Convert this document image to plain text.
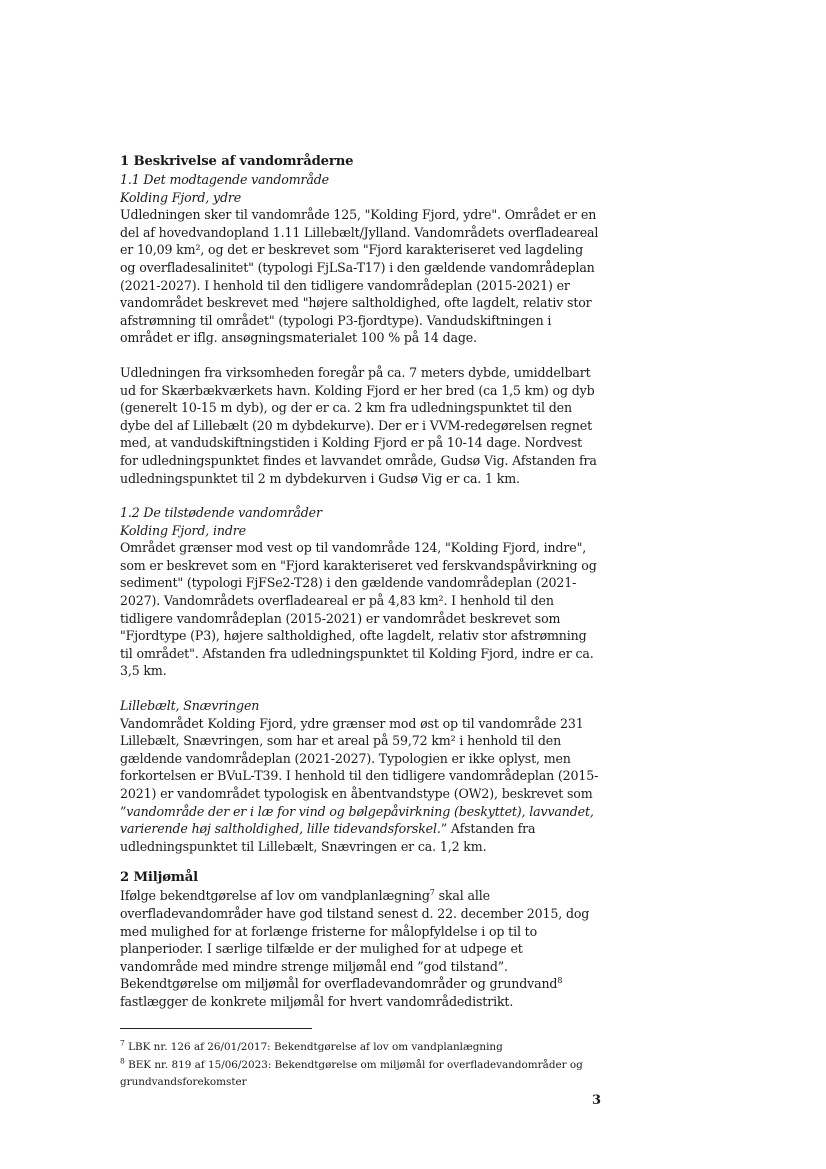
1 Beskrivelse af vandområderne

1.1 Det modtagende vandområde

Kolding Fjord, ydre

Udledningen sker til vandområde 125, "Kolding Fjord, ydre". Området er en del af hovedvandopland 1.11 Lillebælt/Jylland. Vandområdets overfladeareal er 10,09 km², og det er beskrevet som "Fjord karakteriseret ved lagdeling og overfladesalinitet" (typologi FjLSa-T17) i den gældende vandområdeplan (2021-2027). I henhold til den tidligere vandområdeplan (2015-2021) er vandområdet beskrevet med "højere saltholdighed, ofte lagdelt, relativ stor afstrømning til området" (typologi P3-fjordtype). Vandudskiftningen i området er iflg. ansøgningsmaterialet 100 % på 14 dage.

Udledningen fra virksomheden foregår på ca. 7 meters dybde, umiddelbart ud for Skærbækværkets havn. Kolding Fjord er her bred (ca 1,5 km) og dyb (generelt 10-15 m dyb), og der er ca. 2 km fra udledningspunktet til den dybe del af Lillebælt (20 m dybdekurve). Der er i VVM-redegørelsen regnet med, at vandudskiftningstiden i Kolding Fjord er på 10-14 dage. Nordvest for udledningspunktet findes et lavvandet område, Gudsø Vig. Afstanden fra udledningspunktet til 2 m dybdekurven i Gudsø Vig er ca. 1 km.

1.2 De tilstødende vandområder

Kolding Fjord, indre

Området grænser mod vest op til vandområde 124, "Kolding Fjord, indre", som er beskrevet som en "Fjord karakteriseret ved ferskvandspåvirkning og sediment" (typologi FjFSe2-T28) i den gældende vandområdeplan (2021-2027). Vandområdets overfladeareal er på 4,83 km². I henhold til den tidligere vandområdeplan (2015-2021) er vandområdet beskrevet som "Fjordtype (P3), højere saltholdighed, ofte lagdelt, relativ stor afstrømning til området". Afstanden fra udledningspunktet til Kolding Fjord, indre er ca. 3,5 km.

Lillebælt, Snævringen

Vandområdet Kolding Fjord, ydre grænser mod øst op til vandområde 231 Lillebælt, Snævringen, som har et areal på 59,72 km² i henhold til den gældende vandområdeplan (2021-2027). Typologien er ikke oplyst, men forkortelsen er BVuL-T39. I henhold til den tidligere vandområdeplan (2015-2021) er vandområdet typologisk en åbentvandstype (OW2), beskrevet som ”vandområde der er i læ for vind og bølgepåvirkning (beskyttet), lavvandet, varierende høj saltholdighed, lille tidevandsforskel.” Afstanden fra udledningspunktet til Lillebælt, Snævringen er ca. 1,2 km.

2 Miljømål

Ifølge bekendtgørelse af lov om vandplanlægning$^7$ skal alle overfladevandområder have god tilstand senest d. 22. december 2015, dog med mulighed for at forlænge fristerne for målopfyldelse i op til to planperioder. I særlige tilfælde er der mulighed for at udpege et vandområde med mindre strenge miljømål end ”god tilstand”. Bekendtgørelse om miljømål for overfladevandområder og grundvand$^8$ fastlægger de konkrete miljømål for hvert vandområdedistrikt.

$^7$ LBK nr. 126 af 26/01/2017: Bekendtgørelse af lov om vandplanlægning

$^8$ BEK nr. 819 af 15/06/2023: Bekendtgørelse om miljømål for overfladevandområder og grundvandsforekomster

3
